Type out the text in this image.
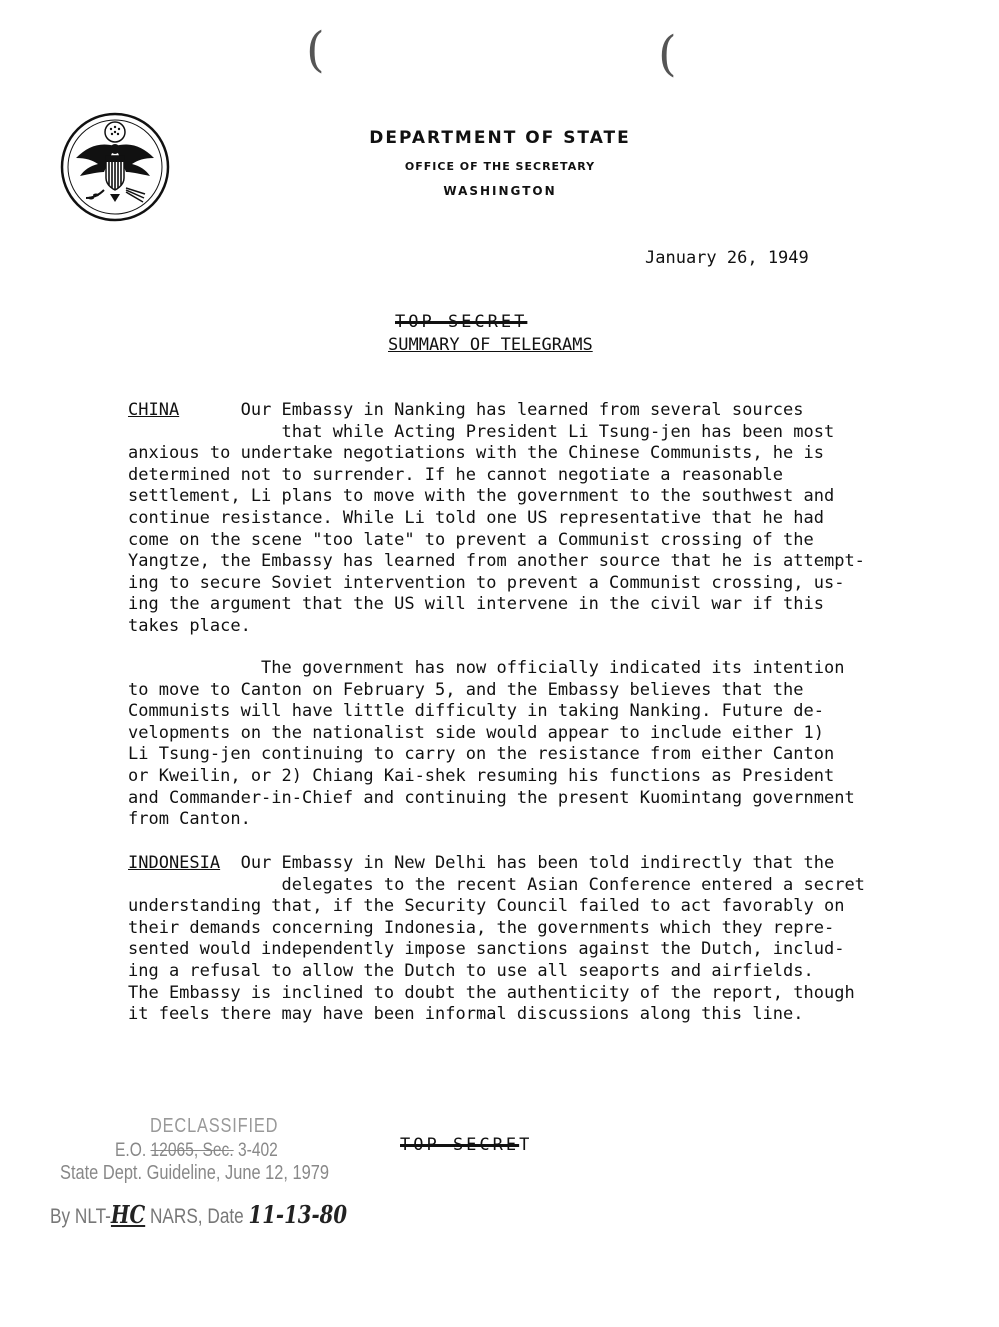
(	(
DEPARTMENT OF STATE
OFFICE OF THE SECRETARY
WASHINGTON
January 26, 1949
TOP SECRET
SUMMARY OF TELEGRAMS

CHINA	Our Embassy in Nanking has learned from several sources
that while Acting President Li Tsung-jen has been most
anxious to undertake negotiations with the Chinese Communists, he is
determined not to surrender. If he cannot negotiate a reasonable
settlement, Li plans to move with the government to the southwest and
continue resistance. While Li told one US representative that he had
come on the scene "too late" to prevent a Communist crossing of the
Yangtze, the Embassy has learned from another source that he is attempt-
ing to secure Soviet intervention to prevent a Communist crossing, us-
ing the argument that the US will intervene in the civil war if this
takes place.

The government has now officially indicated its intention
to move to Canton on February 5, and the Embassy believes that the
Communists will have little difficulty in taking Nanking. Future de-
velopments on the nationalist side would appear to include either 1)
Li Tsung-jen continuing to carry on the resistance from either Canton
or Kweilin, or 2) Chiang Kai-shek resuming his functions as President
and Commander-in-Chief and continuing the present Kuomintang government
from Canton.

INDONESIA  Our Embassy in New Delhi has been told indirectly that the
delegates to the recent Asian Conference entered a secret
understanding that, if the Security Council failed to act favorably on
their demands concerning Indonesia, the governments which they repre-
sented would independently impose sanctions against the Dutch, includ-
ing a refusal to allow the Dutch to use all seaports and airfields.
The Embassy is inclined to doubt the authenticity of the report, though
it feels there may have been informal discussions along this line.

TOP SECRET
DECLASSIFIED
E.O. 12065, Sec. 3-402
State Dept. Guideline, June 12, 1979
By NLT-HC NARS, Date 11-13-80
